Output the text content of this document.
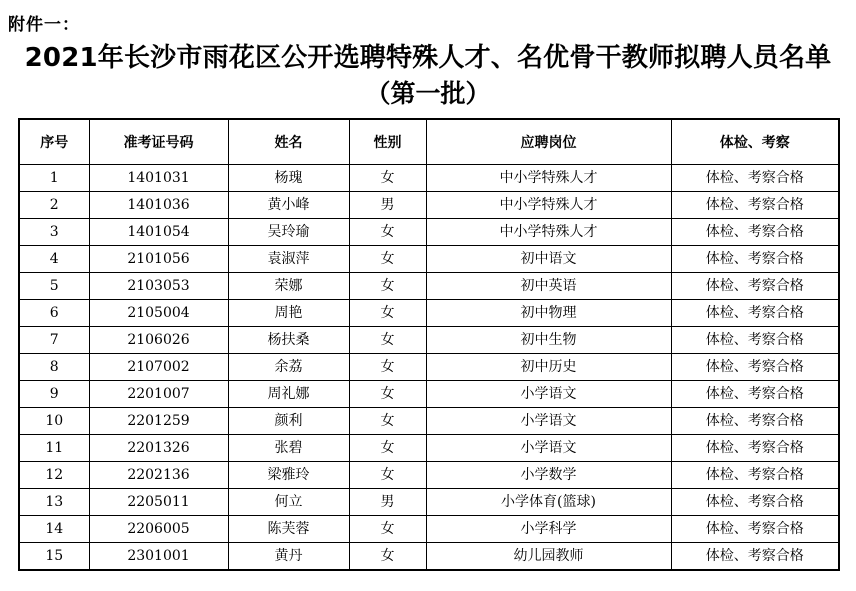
附件一：
2021年长沙市雨花区公开选聘特殊人才、名优骨干教师拟聘人员名单
（第一批）
序号	准考证号码	姓名	性别	应聘岗位	体检、考察
1	1401031	杨瑰	女	中小学特殊人才	体检、考察合格
2	1401036	黄小峰	男	中小学特殊人才	体检、考察合格
3	1401054	吴玲瑜	女	中小学特殊人才	体检、考察合格
4	2101056	袁淑萍	女	初中语文	体检、考察合格
5	2103053	荣娜	女	初中英语	体检、考察合格
6	2105004	周艳	女	初中物理	体检、考察合格
7	2106026	杨扶桑	女	初中生物	体检、考察合格
8	2107002	余荔	女	初中历史	体检、考察合格
9	2201007	周礼娜	女	小学语文	体检、考察合格
10	2201259	颜利	女	小学语文	体检、考察合格
11	2201326	张碧	女	小学语文	体检、考察合格
12	2202136	梁雅玲	女	小学数学	体检、考察合格
13	2205011	何立	男	小学体育(篮球)	体检、考察合格
14	2206005	陈芙蓉	女	小学科学	体检、考察合格
15	2301001	黄丹	女	幼儿园教师	体检、考察合格
